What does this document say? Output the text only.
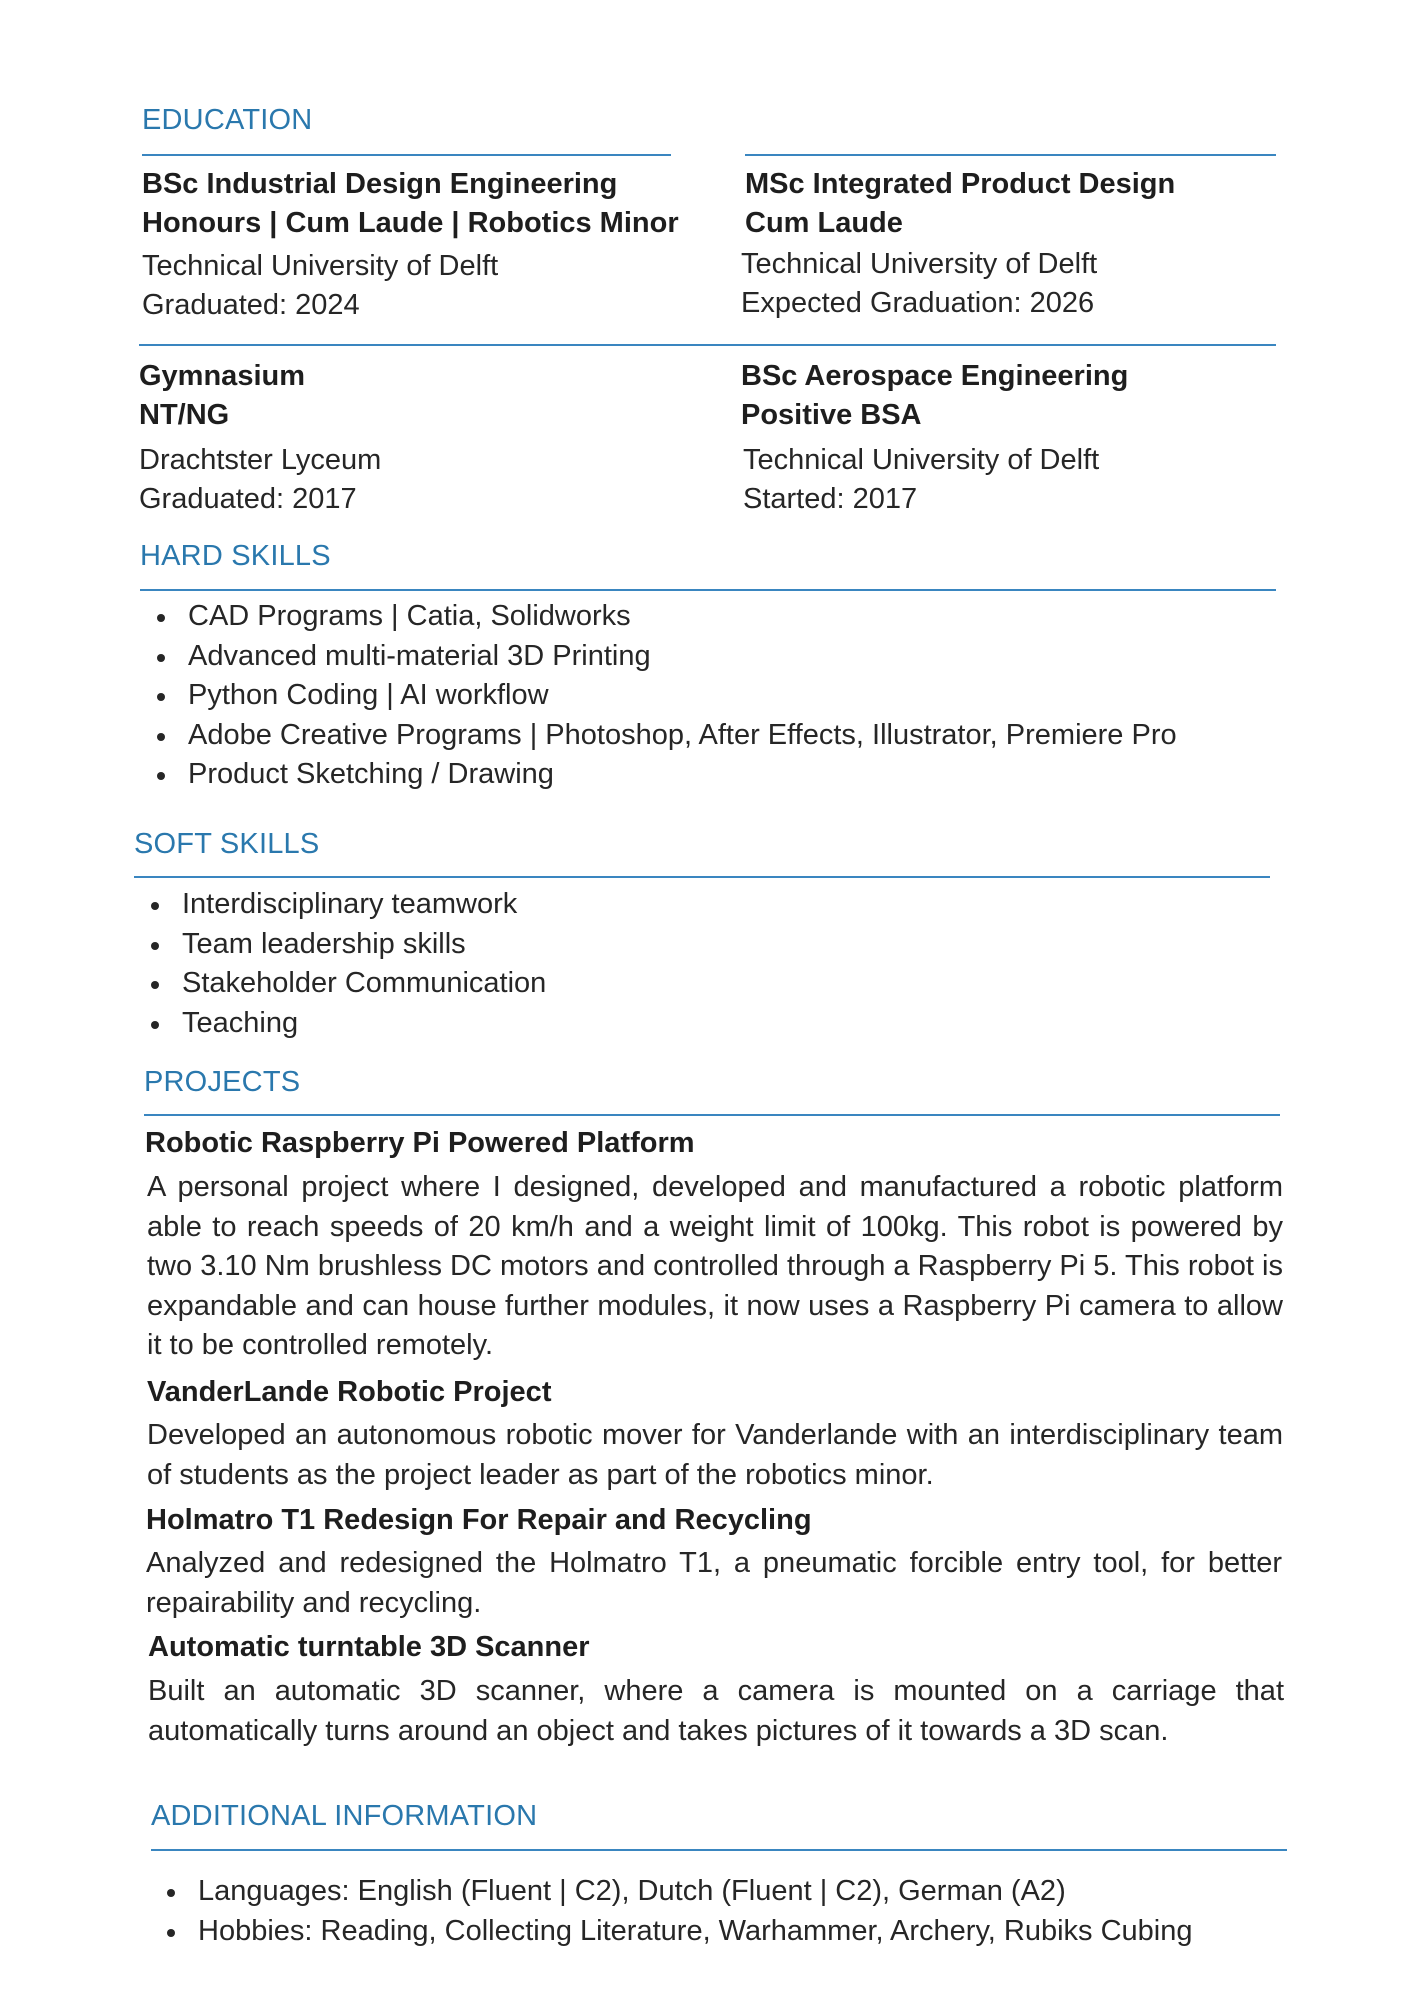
EDUCATION
BSc Industrial Design Engineering
Honours | Cum Laude | Robotics Minor
Technical University of Delft
Graduated: 2024
MSc Integrated Product Design
Cum Laude
Technical University of Delft
Expected Graduation: 2026
Gymnasium
NT/NG
Drachtster Lyceum
Graduated: 2017
BSc Aerospace Engineering
Positive BSA
Technical University of Delft
Started: 2017
HARD SKILLS
CAD Programs | Catia, Solidworks
Advanced multi-material 3D Printing
Python Coding | AI workflow
Adobe Creative Programs | Photoshop, After Effects, Illustrator, Premiere Pro
Product Sketching / Drawing
SOFT SKILLS
Interdisciplinary teamwork
Team leadership skills
Stakeholder Communication
Teaching
PROJECTS
Robotic Raspberry Pi Powered Platform
A personal project where I designed, developed and manufactured a robotic platform able to reach speeds of 20 km/h and a weight limit of 100kg. This robot is powered by two 3.10 Nm brushless DC motors and controlled through a Raspberry Pi 5. This robot is expandable and can house further modules, it now uses a Raspberry Pi camera to allow it to be controlled remotely.
VanderLande Robotic Project
Developed an autonomous robotic mover for Vanderlande with an interdisciplinary team of students as the project leader as part of the robotics minor.
Holmatro T1 Redesign For Repair and Recycling
Analyzed and redesigned the Holmatro T1, a pneumatic forcible entry tool, for better repairability and recycling.
Automatic turntable 3D Scanner
Built an automatic 3D scanner, where a camera is mounted on a carriage that automatically turns around an object and takes pictures of it towards a 3D scan.
ADDITIONAL INFORMATION
Languages: English (Fluent | C2), Dutch (Fluent | C2), German (A2)
Hobbies: Reading, Collecting Literature, Warhammer, Archery, Rubiks Cubing
